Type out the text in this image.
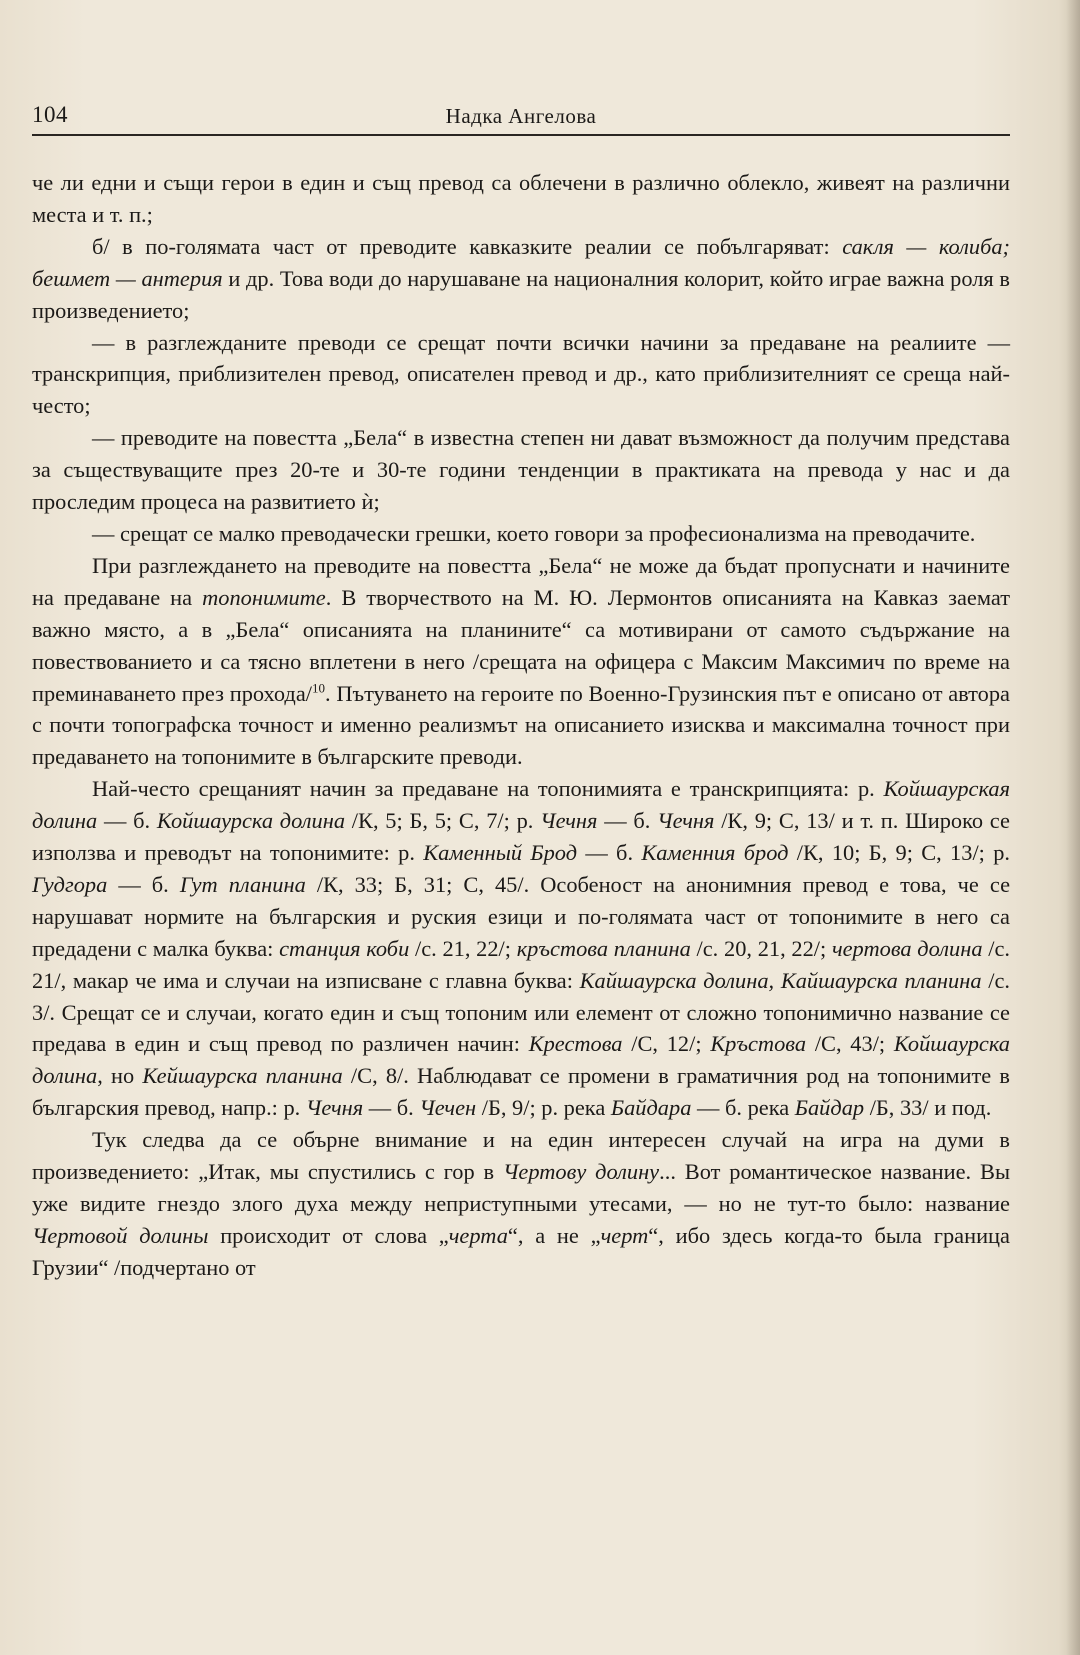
104	Надка Ангелова

че ли едни и същи герои в един и същ превод са облечени в различно облекло, живеят на различни места и т. п.;

б/ в по-голямата част от преводите кавказките реалии се побългаряват: сакля — колиба; бешмет — антерия и др. Това води до нарушаване на националния колорит, който играе важна роля в произведението;

— в разглежданите преводи се срещат почти всички начини за предаване на реалиите — транскрипция, приблизителен превод, описателен превод и др., като приблизителният се среща най-често;

— преводите на повестта „Бела“ в известна степен ни дават възможност да получим представа за съществуващите през 20-те и 30-те години тенденции в практиката на превода у нас и да проследим процеса на развитието ѝ;

— срещат се малко преводачески грешки, което говори за професионализма на преводачите.

При разглеждането на преводите на повестта „Бела“ не може да бъдат пропуснати и начините на предаване на топонимите. В творчеството на М. Ю. Лермонтов описанията на Кавказ заемат важно място, а в „Бела“ описанията на планините“ са мотивирани от самото съдържание на повествованието и са тясно вплетени в него /срещата на офицера с Максим Максимич по време на преминаването през прохода/$^{10}$. Пътуването на героите по Военно-Грузинския път е описано от автора с почти топографска точност и именно реализмът на описанието изисква и максимална точност при предаването на топонимите в българските преводи.

Най-често срещаният начин за предаване на топонимията е транскрипцията: р. Койшаурская долина — б. Койшаурска долина /К, 5; Б, 5; С, 7/; р. Чечня — б. Чечня /К, 9; С, 13/ и т. п. Широко се използва и преводът на топонимите: р. Каменный Брод — б. Каменния брод /К, 10; Б, 9; С, 13/; р. Гудгора — б. Гут планина /К, 33; Б, 31; С, 45/. Особеност на анонимния превод е това, че се нарушават нормите на българския и руския езици и по-голямата част от топонимите в него са предадени с малка буква: станция коби /с. 21, 22/; кръстова планина /с. 20, 21, 22/; чертова долина /с. 21/, макар че има и случаи на изписване с главна буква: Кайшаурска долина, Кайшаурска планина /с. 3/. Срещат се и случаи, когато един и същ топоним или елемент от сложно топонимично название се предава в един и същ превод по различен начин: Крестова /С, 12/; Кръстова /С, 43/; Койшаурска долина, но Кейшаурска планина /С, 8/. Наблюдават се промени в граматичния род на топонимите в българския превод, напр.: р. Чечня — б. Чечен /Б, 9/; р. река Байдара — б. река Байдар /Б, 33/ и под.

Тук следва да се обърне внимание и на един интересен случай на игра на думи в произведението: „Итак, мы спустились с гор в Чертову долину... Вот романтическое название. Вы уже видите гнездо злого духа между неприступными утесами, — но не тут-то было: название Чертовой долины происходит от слова „черта“, а не „черт“, ибо здесь когда-то была граница Грузии“ /подчертано от
